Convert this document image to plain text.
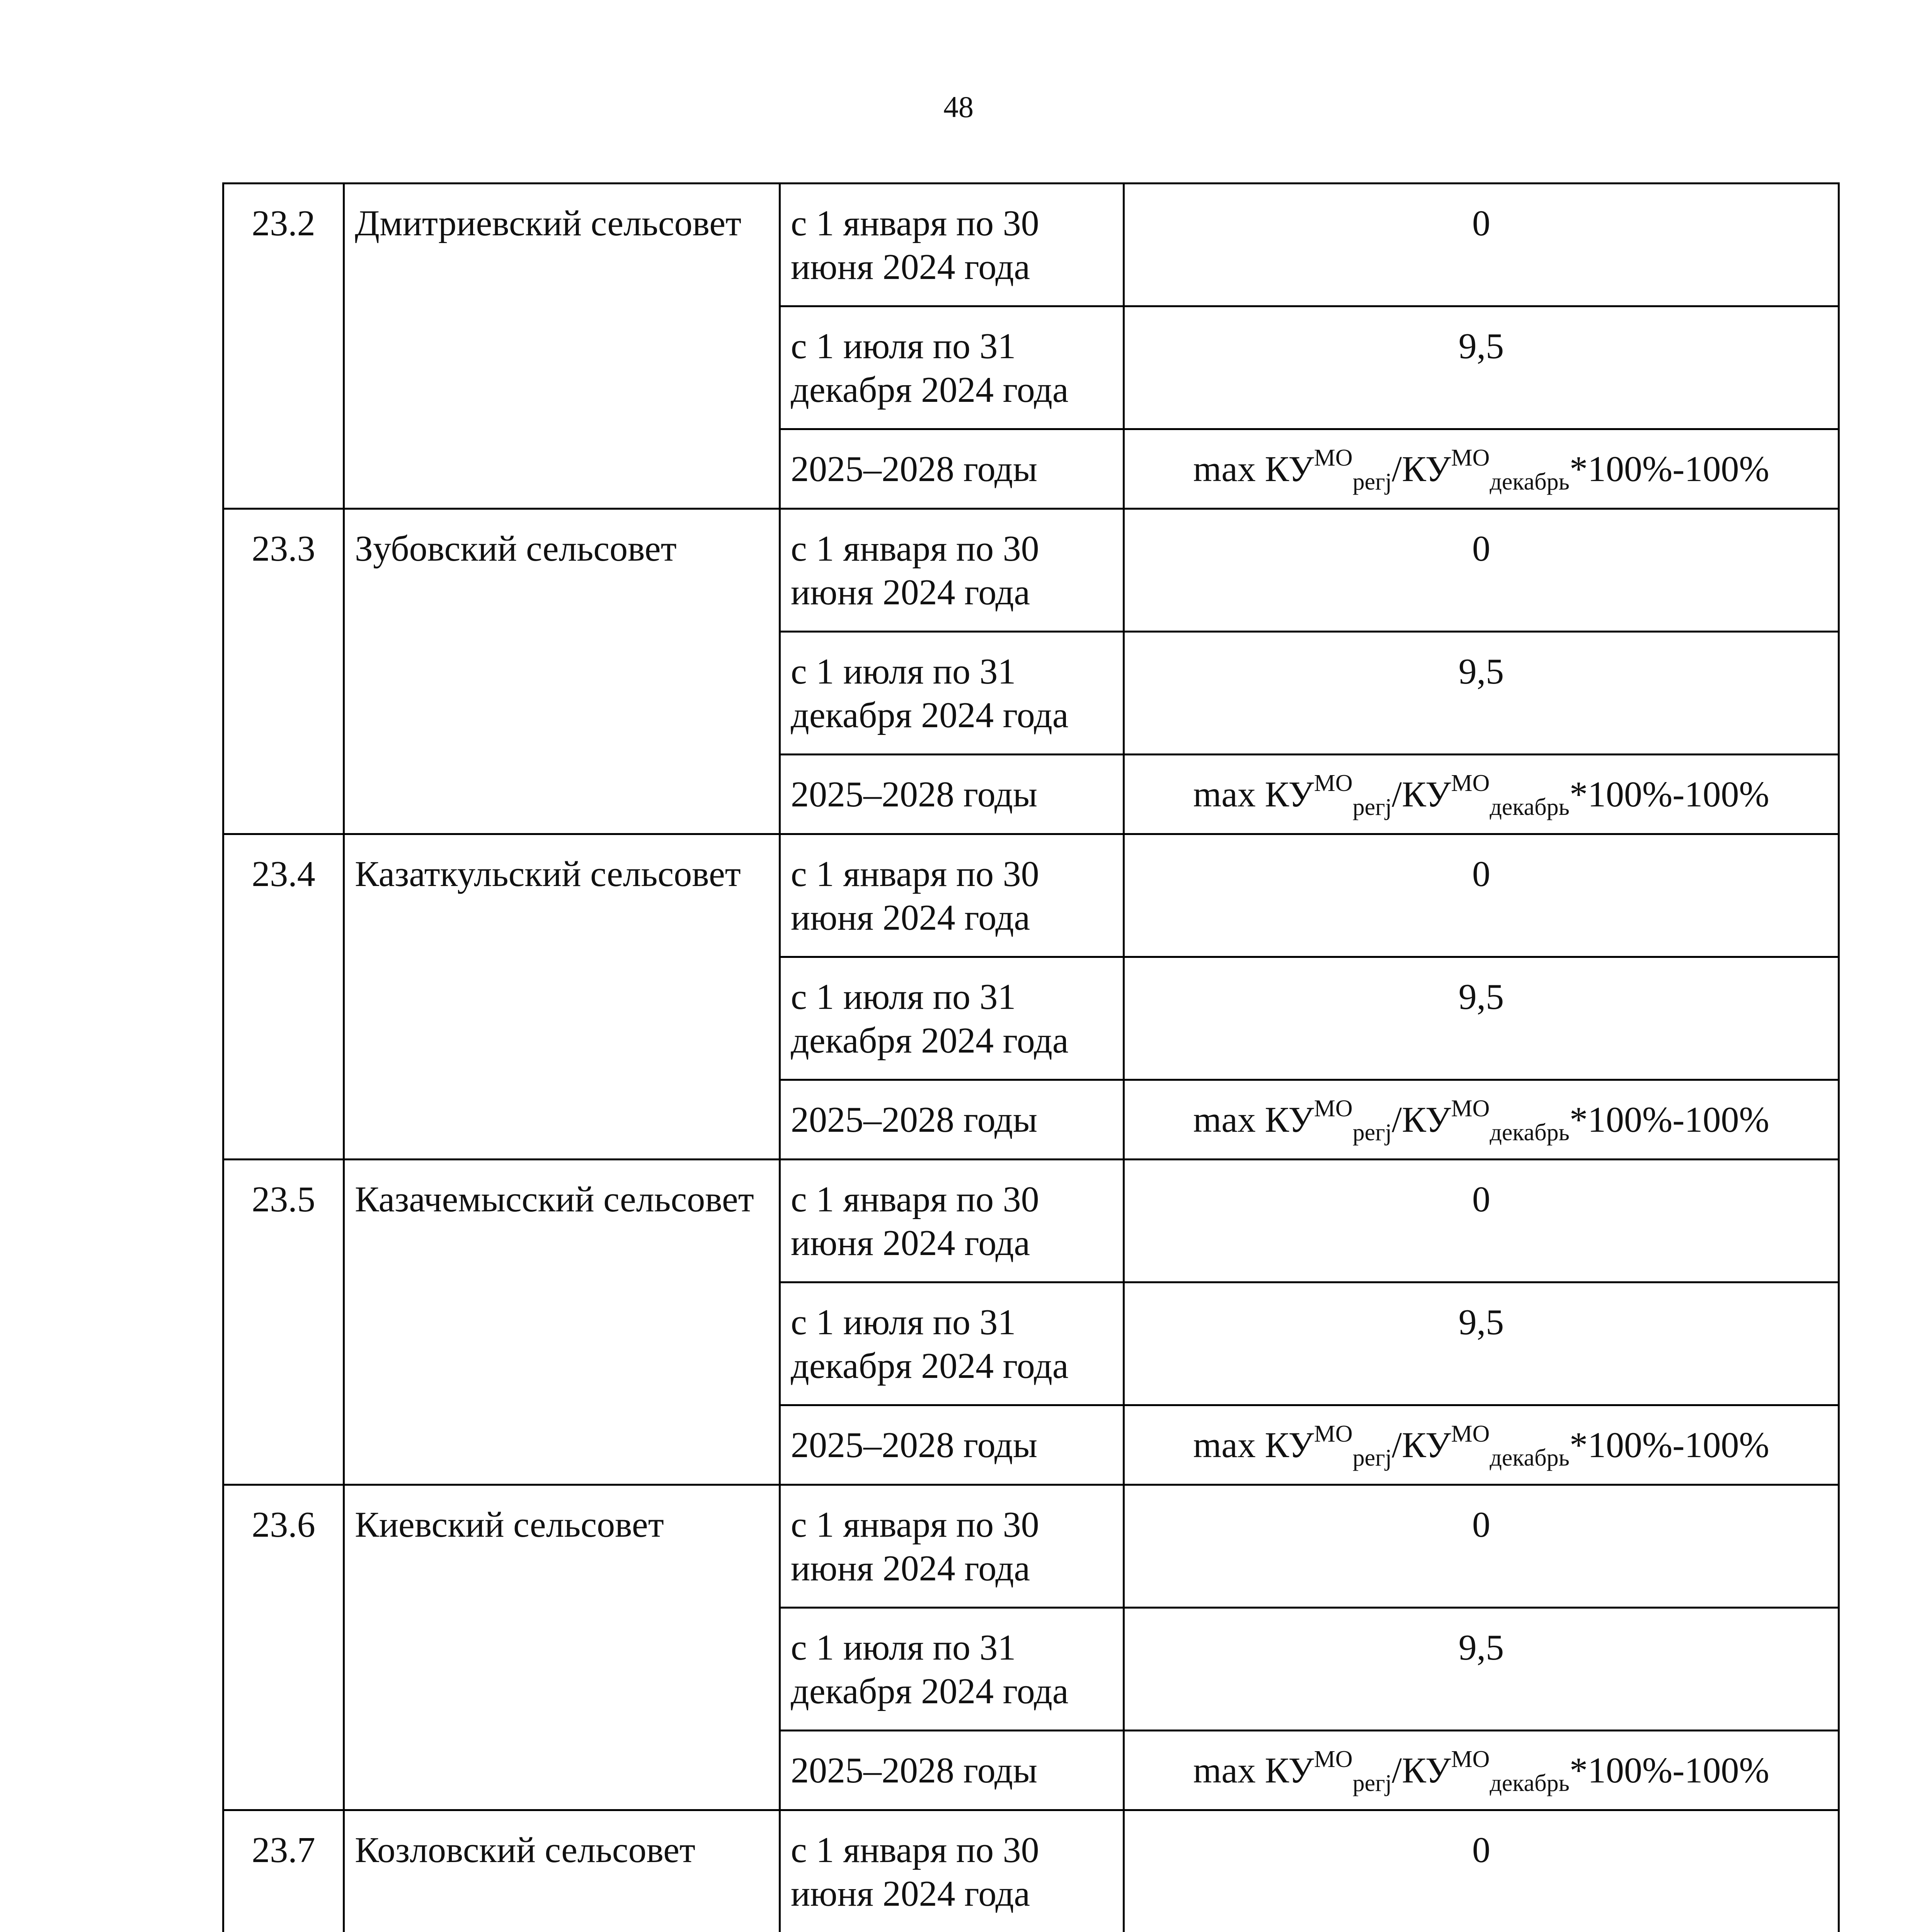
48
23.2	Дмитриевский сельсовет	с 1 января по 30 июня 2024 года	0
		с 1 июля по 31 декабря 2024 года	9,5
		2025–2028 годы	$\max КУ^{МО}_{регj}/КУ^{МО}_{декабрь}*100\%-100\%$
23.3	Зубовский сельсовет	с 1 января по 30 июня 2024 года	0
		с 1 июля по 31 декабря 2024 года	9,5
		2025–2028 годы	$\max КУ^{МО}_{регj}/КУ^{МО}_{декабрь}*100\%-100\%$
23.4	Казаткульский сельсовет	с 1 января по 30 июня 2024 года	0
		с 1 июля по 31 декабря 2024 года	9,5
		2025–2028 годы	$\max КУ^{МО}_{регj}/КУ^{МО}_{декабрь}*100\%-100\%$
23.5	Казачемысский сельсовет	с 1 января по 30 июня 2024 года	0
		с 1 июля по 31 декабря 2024 года	9,5
		2025–2028 годы	$\max КУ^{МО}_{регj}/КУ^{МО}_{декабрь}*100\%-100\%$
23.6	Киевский сельсовет	с 1 января по 30 июня 2024 года	0
		с 1 июля по 31 декабря 2024 года	9,5
		2025–2028 годы	$\max КУ^{МО}_{регj}/КУ^{МО}_{декабрь}*100\%-100\%$
23.7	Козловский сельсовет	с 1 января по 30 июня 2024 года	0
